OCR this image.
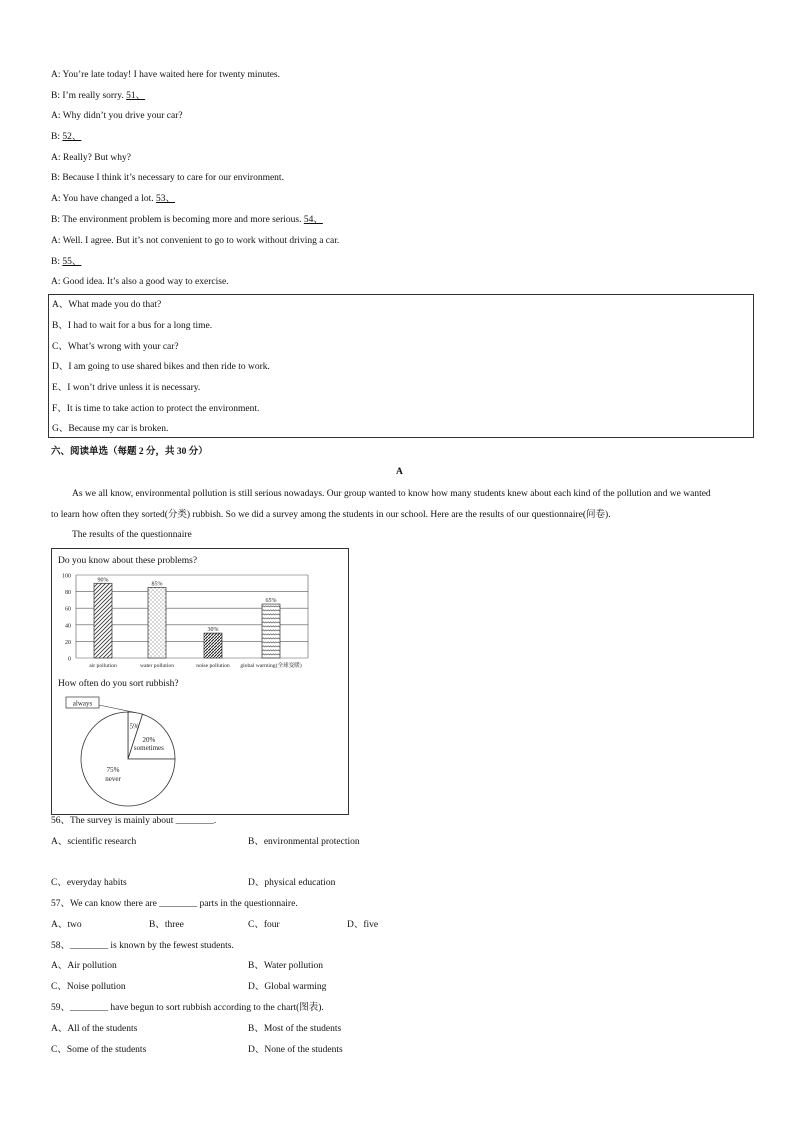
A: You’re late today! I have waited here for twenty minutes.
B: I’m really sorry. 51、
A: Why didn’t you drive your car?
B: 52、
A: Really? But why?
B: Because I think it’s necessary to care for our environment.
A: You have changed a lot. 53、
B: The environment problem is becoming more and more serious. 54、
A: Well. I agree. But it’s not convenient to go to work without driving a car.
B: 55、
A: Good idea. It’s also a good way to exercise.
A、What made you do that?
B、I had to wait for a bus for a long time.
C、What’s wrong with your car?
D、I am going to use shared bikes and then ride to work.
E、I won’t drive unless it is necessary.
F、It is time to take action to protect the environment.
G、Because my car is broken.
六、阅读单选（每题 2 分，共 30 分）
A
As we all know, environmental pollution is still serious nowadays. Our group wanted to know how many students knew about each kind of the pollution and we wanted
to learn how often they sorted(分类) rubbish. So we did a survey among the students in our school. Here are the results of our questionnaire(问卷).
The results of the questionnaire
Do you know about these problems?
0
20
40
60
80
100
90%
air pollution
85%
water pollution
30%
noise pollution
65%
global warming(全球变暖)
How often do you sort rubbish?
5%
always
20%
sometimes
75%
never
56、The survey is mainly about ________.
A、scientific research	B、environmental protection
C、everyday habits	D、physical education
57、We can know there are ________ parts in the questionnaire.
A、two	B、three	C、four	D、five
58、________ is known by the fewest students.
A、Air pollution	B、Water pollution
C、Noise pollution	D、Global warming
59、________ have begun to sort rubbish according to the chart(图表).
A、All of the students	B、Most of the students
C、Some of the students	D、None of the students
